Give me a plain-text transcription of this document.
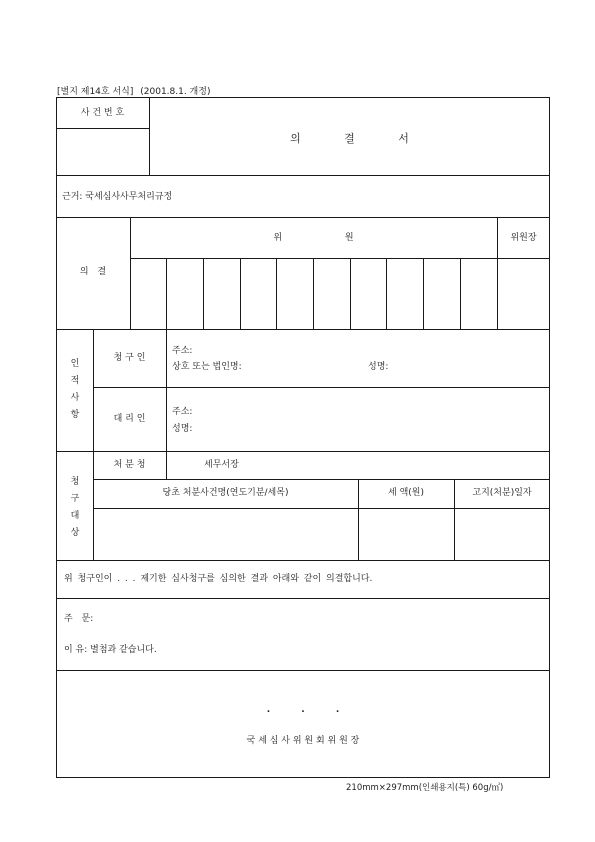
[별지 제14호 서식] (2001.8.1. 개정)
사 건 번 호
의 결 서
근거: 국세심사사무처리규정
의 결
위 원	위원장
인
적
사
항
청 구 인
주소:
상호 또는 법인명:	성명:
대 리 인
주소:
성명:
청
구
대
상
처 분 청	세무서장
당초 처분사건명(연도기분/세목)	세 액(원)	고지(처분)일자
위 청구인이 . . . 제기한 심사청구를 심의한 결과 아래와 같이 의결합니다.
주 문:
이 유: 별첨과 같습니다.
. . .
국 세 심 사 위 원 회 위 원 장
210mm×297mm(인쇄용지(특) 60g/㎡)
